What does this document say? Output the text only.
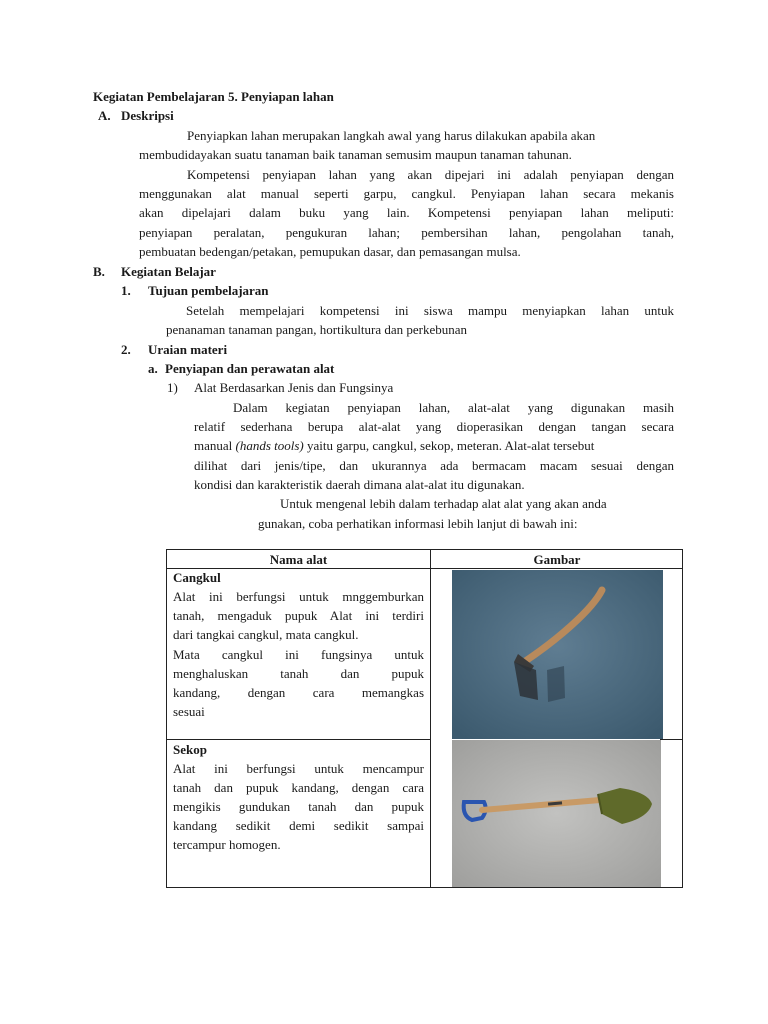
Kegiatan Pembelajaran 5. Penyiapan lahan
A. Deskripsi
Penyiapkan lahan merupakan langkah awal yang harus dilakukan apabila akan
membudidayakan suatu tanaman baik tanaman semusim maupun tanaman tahunan.
Kompetensi penyiapan lahan yang akan dipejari ini adalah penyiapan dengan
menggunakan alat manual seperti garpu, cangkul. Penyiapan lahan secara mekanis
akan dipelajari dalam buku yang lain. Kompetensi penyiapan lahan meliputi:
penyiapan peralatan, pengukuran lahan; pembersihan lahan, pengolahan tanah,
pembuatan bedengan/petakan, pemupukan dasar, dan pemasangan mulsa.
B. Kegiatan Belajar
1. Tujuan pembelajaran
Setelah mempelajari kompetensi ini siswa mampu menyiapkan lahan untuk
penanaman tanaman pangan, hortikultura dan perkebunan
2. Uraian materi
a. Penyiapan dan perawatan alat
1) Alat Berdasarkan Jenis dan Fungsinya
Dalam kegiatan penyiapan lahan, alat-alat yang digunakan masih
relatif sederhana berupa alat-alat yang dioperasikan dengan tangan secara
manual (hands tools) yaitu garpu, cangkul, sekop, meteran. Alat-alat tersebut
dilihat dari jenis/tipe, dan ukurannya ada bermacam macam sesuai dengan
kondisi dan karakteristik daerah dimana alat-alat itu digunakan.
Untuk mengenal lebih dalam terhadap alat alat yang akan anda
gunakan, coba perhatikan informasi lebih lanjut di bawah ini:
Nama alat	Gambar
Cangkul
Alat ini berfungsi untuk mnggemburkan
tanah, mengaduk pupuk Alat ini terdiri
dari tangkai cangkul, mata cangkul.
Mata cangkul ini fungsinya untuk
menghaluskan tanah dan pupuk
kandang, dengan cara memangkas
sesuai
Sekop
Alat ini berfungsi untuk mencampur
tanah dan pupuk kandang, dengan cara
mengikis gundukan tanah dan pupuk
kandang sedikit demi sedikit sampai
tercampur homogen.
